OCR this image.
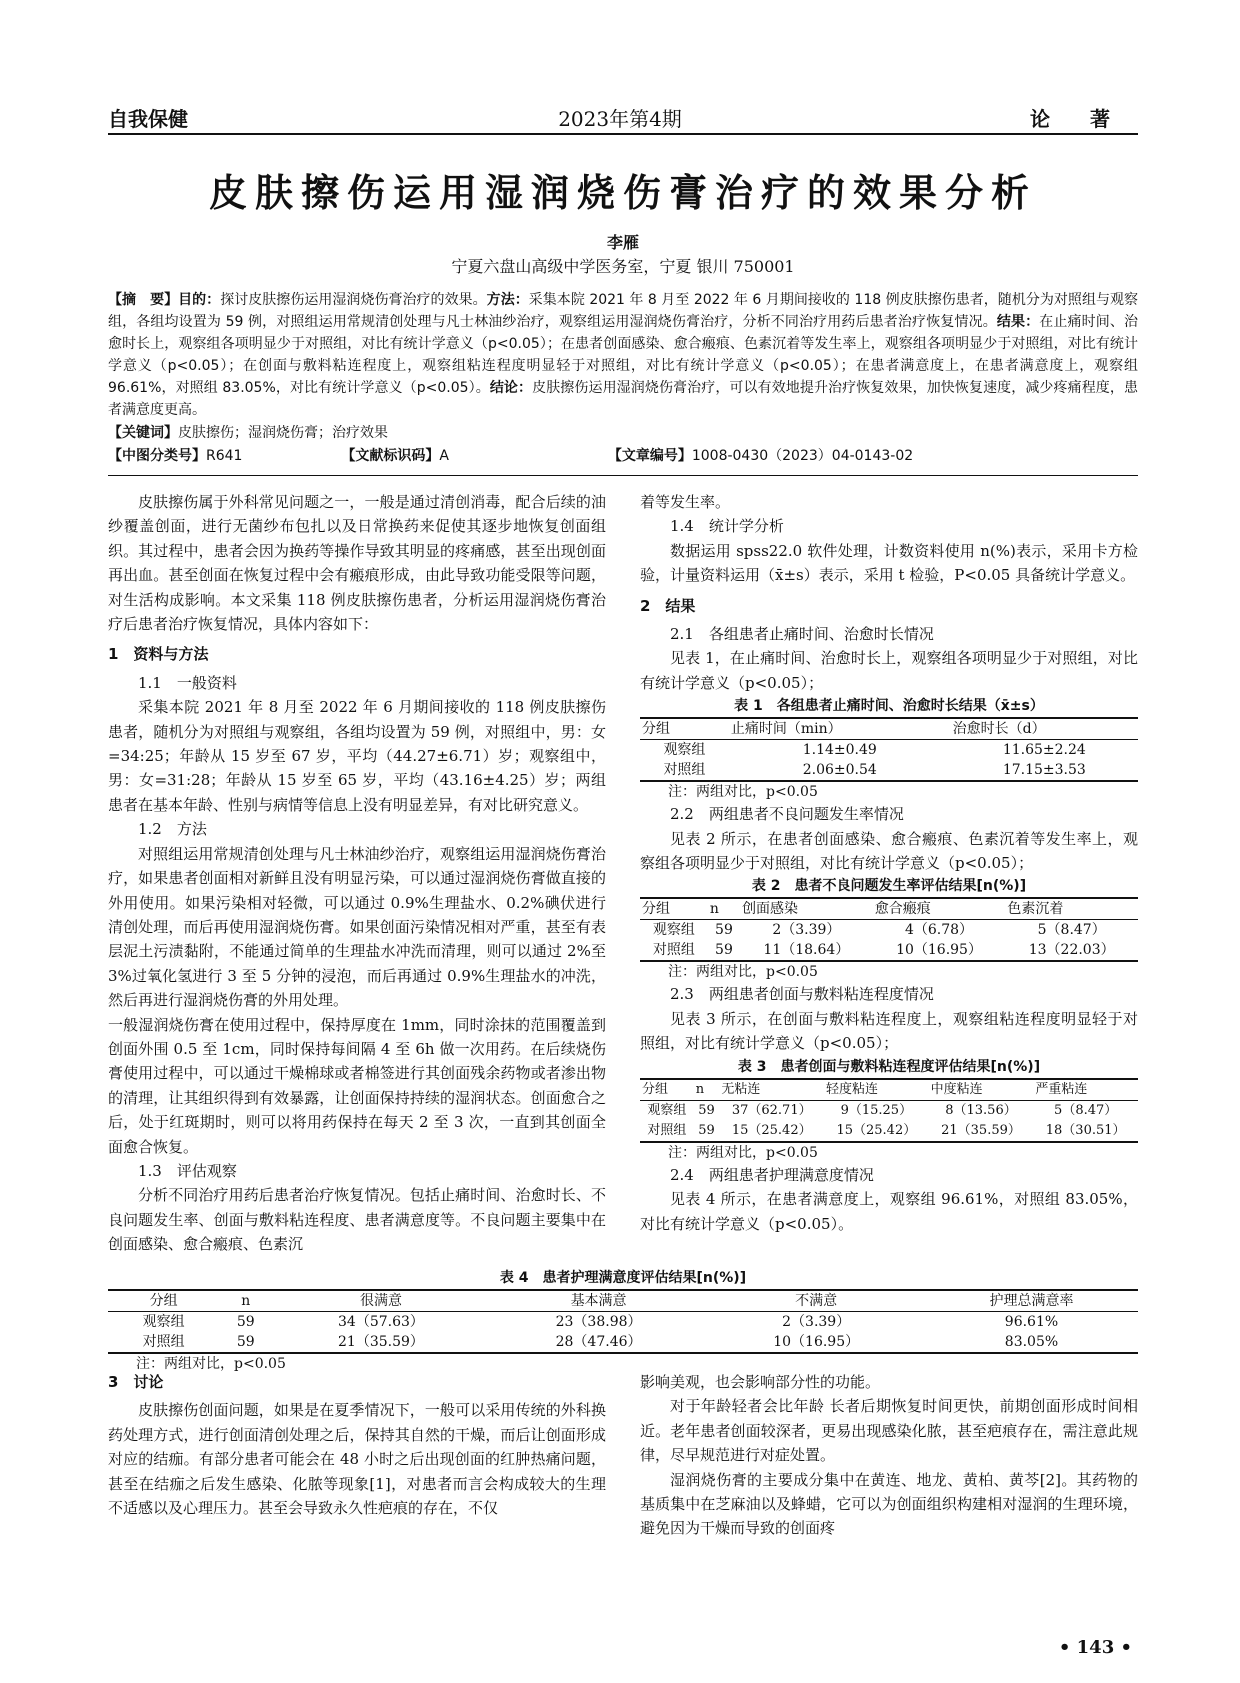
自我保健	2023年第4期	论著
皮肤擦伤运用湿润烧伤膏治疗的效果分析
李雁
宁夏六盘山高级中学医务室，宁夏 银川 750001
【摘　要】目的：探讨皮肤擦伤运用湿润烧伤膏治疗的效果。方法：采集本院 2021 年 8 月至 2022 年 6 月期间接收的 118 例皮肤擦伤患者，随机分为对照组与观察组，各组均设置为 59 例，对照组运用常规清创处理与凡士林油纱治疗，观察组运用湿润烧伤膏治疗，分析不同治疗用药后患者治疗恢复情况。结果：在止痛时间、治愈时长上，观察组各项明显少于对照组，对比有统计学意义（p<0.05）；在患者创面感染、愈合瘢痕、色素沉着等发生率上，观察组各项明显少于对照组，对比有统计学意义（p<0.05）；在创面与敷料粘连程度上，观察组粘连程度明显轻于对照组，对比有统计学意义（p<0.05）；在患者满意度上，在患者满意度上，观察组 96.61%，对照组 83.05%，对比有统计学意义（p<0.05）。结论：皮肤擦伤运用湿润烧伤膏治疗，可以有效地提升治疗恢复效果，加快恢复速度，减少疼痛程度，患者满意度更高。
【关键词】皮肤擦伤；湿润烧伤膏；治疗效果
【中图分类号】R641	【文献标识码】A	【文章编号】1008-0430（2023）04-0143-02

皮肤擦伤属于外科常见问题之一，一般是通过清创消毒，配合后续的油纱覆盖创面，进行无菌纱布包扎以及日常换药来促使其逐步地恢复创面组织。其过程中，患者会因为换药等操作导致其明显的疼痛感，甚至出现创面再出血。甚至创面在恢复过程中会有瘢痕形成，由此导致功能受限等问题，对生活构成影响。本文采集 118 例皮肤擦伤患者，分析运用湿润烧伤膏治疗后患者治疗恢复情况，具体内容如下：

1　资料与方法

1.1　一般资料

采集本院 2021 年 8 月至 2022 年 6 月期间接收的 118 例皮肤擦伤患者，随机分为对照组与观察组，各组均设置为 59 例，对照组中，男：女=34:25；年龄从 15 岁至 67 岁，平均（44.27±6.71）岁；观察组中，男：女=31:28；年龄从 15 岁至 65 岁，平均（43.16±4.25）岁；两组患者在基本年龄、性别与病情等信息上没有明显差异，有对比研究意义。

1.2　方法

对照组运用常规清创处理与凡士林油纱治疗，观察组运用湿润烧伤膏治疗，如果患者创面相对新鲜且没有明显污染，可以通过湿润烧伤膏做直接的外用使用。如果污染相对轻微，可以通过 0.9%生理盐水、0.2%碘伏进行清创处理，而后再使用湿润烧伤膏。如果创面污染情况相对严重，甚至有表层泥土污渍黏附，不能通过简单的生理盐水冲洗而清理，则可以通过 2%至 3%过氧化氢进行 3 至 5 分钟的浸泡，而后再通过 0.9%生理盐水的冲洗，然后再进行湿润烧伤膏的外用处理。

一般湿润烧伤膏在使用过程中，保持厚度在 1mm，同时涂抹的范围覆盖到创面外围 0.5 至 1cm，同时保持每间隔 4 至 6h 做一次用药。在后续烧伤膏使用过程中，可以通过干燥棉球或者棉签进行其创面残余药物或者渗出物的清理，让其组织得到有效暴露，让创面保持持续的湿润状态。创面愈合之后，处于红斑期时，则可以将用药保持在每天 2 至 3 次，一直到其创面全面愈合恢复。

1.3　评估观察

分析不同治疗用药后患者治疗恢复情况。包括止痛时间、治愈时长、不良问题发生率、创面与敷料粘连程度、患者满意度等。不良问题主要集中在创面感染、愈合瘢痕、色素沉

着等发生率。

1.4　统计学分析

数据运用 spss22.0 软件处理，计数资料使用 n(%)表示，采用卡方检验，计量资料运用（x̄±s）表示，采用 t 检验，P<0.05 具备统计学意义。

2　结果

2.1　各组患者止痛时间、治愈时长情况

见表 1，在止痛时间、治愈时长上，观察组各项明显少于对照组，对比有统计学意义（p<0.05）；

表 1　各组患者止痛时间、治愈时长结果（x̄±s）
分组	止痛时间（min）	治愈时长（d）
观察组	1.14±0.49	11.65±2.24
对照组	2.06±0.54	17.15±3.53
注：两组对比，p<0.05

2.2　两组患者不良问题发生率情况

见表 2 所示，在患者创面感染、愈合瘢痕、色素沉着等发生率上，观察组各项明显少于对照组，对比有统计学意义（p<0.05）；

表 2　患者不良问题发生率评估结果[n(%)]
分组	n	创面感染	愈合瘢痕	色素沉着
观察组	59	2（3.39）	4（6.78）	5（8.47）
对照组	59	11（18.64）	10（16.95）	13（22.03）
注：两组对比，p<0.05

2.3　两组患者创面与敷料粘连程度情况

见表 3 所示，在创面与敷料粘连程度上，观察组粘连程度明显轻于对照组，对比有统计学意义（p<0.05）；

表 3　患者创面与敷料粘连程度评估结果[n(%)]
分组	n	无粘连	轻度粘连	中度粘连	严重粘连
观察组	59	37（62.71）	9（15.25）	8（13.56）	5（8.47）
对照组	59	15（25.42）	15（25.42）	21（35.59）	18（30.51）
注：两组对比，p<0.05

2.4　两组患者护理满意度情况

见表 4 所示，在患者满意度上，观察组 96.61%，对照组 83.05%，对比有统计学意义（p<0.05）。

表 4　患者护理满意度评估结果[n(%)]
分组	n	很满意	基本满意	不满意	护理总满意率
观察组	59	34（57.63）	23（38.98）	2（3.39）	96.61%
对照组	59	21（35.59）	28（47.46）	10（16.95）	83.05%
注：两组对比，p<0.05

3　讨论

皮肤擦伤创面问题，如果是在夏季情况下，一般可以采用传统的外科换药处理方式，进行创面清创处理之后，保持其自然的干燥，而后让创面形成对应的结痂。有部分患者可能会在 48 小时之后出现创面的红肿热痛问题，甚至在结痂之后发生感染、化脓等现象[1]，对患者而言会构成较大的生理不适感以及心理压力。甚至会导致永久性疤痕的存在，不仅

影响美观，也会影响部分性的功能。

对于年龄轻者会比年龄 长者后期恢复时间更快，前期创面形成时间相近。老年患者创面较深者，更易出现感染化脓，甚至疤痕存在，需注意此规律，尽早规范进行对症处置。

湿润烧伤膏的主要成分集中在黄连、地龙、黄柏、黄芩[2]。其药物的基质集中在芝麻油以及蜂蜡，它可以为创面组织构建相对湿润的生理环境，避免因为干燥而导致的创面疼

• 143 •
